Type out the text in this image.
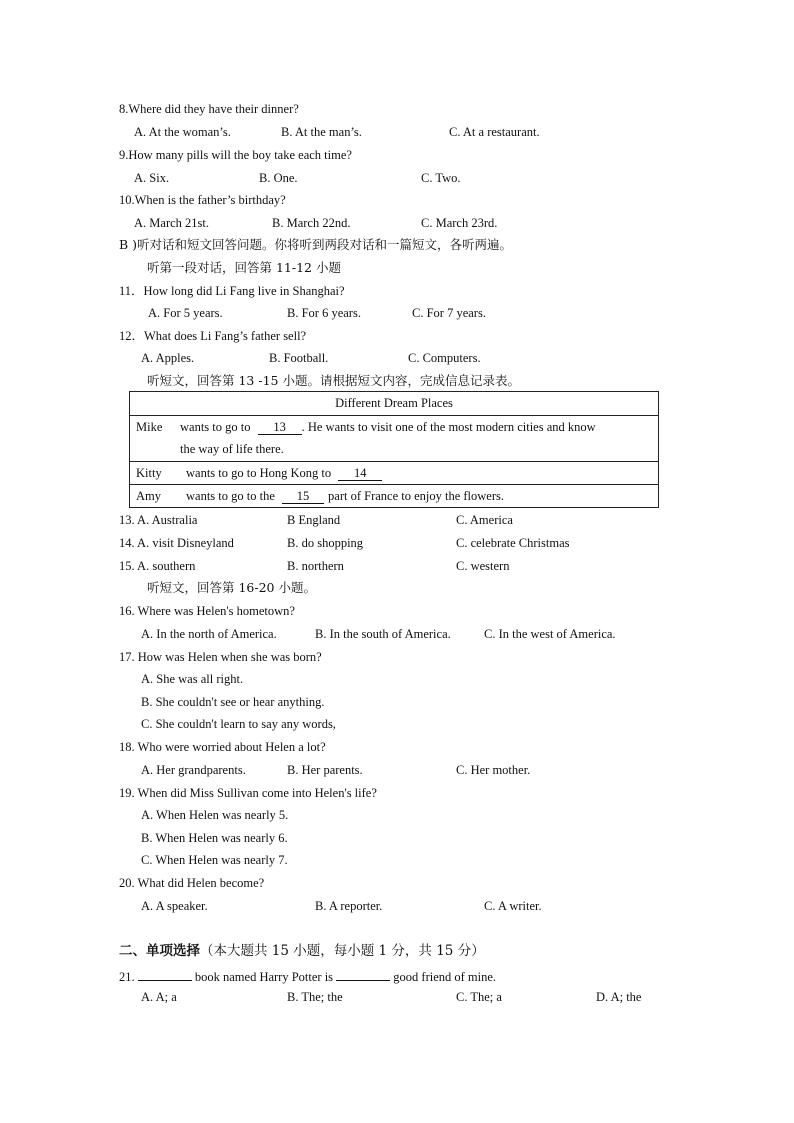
8.Where did they have their dinner?
A. At the woman’s.	B. At the man’s.	C. At a restaurant.
9.How many pills will the boy take each time?
A. Six.	B. One.	C. Two.
10.When is the father’s birthday?
A. March 21st.	B. March 22nd.	C. March 23rd.
B )听对话和短文回答问题。你将听到两段对话和一篇短文，各听两遍。
听第一段对话，回答第 11-12 小题
11．How long did Li Fang live in Shanghai?
A. For 5 years.	B. For 6 years.	C. For 7 years.
12．What does Li Fang’s father sell?
A. Apples.	B. Football.	C. Computers.
听短文，回答第 13 -15 小题。请根据短文内容，完成信息记录表。
Different Dream Places

Mike wants to go to 13 . He wants to visit one of the most modern cities and know
the way of life there.

Kitty wants to go to Hong Kong to 14
Amy wants to go to the 15 part of France to enjoy the flowers.
13. A. Australia	B England	C. America
14. A. visit Disneyland	B. do shopping	C. celebrate Christmas
15. A. southern	B. northern	C. western
听短文，回答第 16-20 小题。
16. Where was Helen's hometown?
A. In the north of America.	B. In the south of America.	C. In the west of America.
17. How was Helen when she was born?
A. She was all right.
B. She couldn't see or hear anything.
C. She couldn't learn to say any words,
18. Who were worried about Helen a lot?
A. Her grandparents.	B. Her parents.	C. Her mother.
19. When did Miss Sullivan come into Helen's life?
A. When Helen was nearly 5.
B. When Helen was nearly 6.
C. When Helen was nearly 7.
20. What did Helen become?
A. A speaker.	B. A reporter.	C. A writer.
二、单项选择（本大题共 15 小题，每小题 1 分，共 15 分）
21.	book named Harry Potter is	good friend of mine.
A. A; a	B. The; the	C. The; a	D. A; the
